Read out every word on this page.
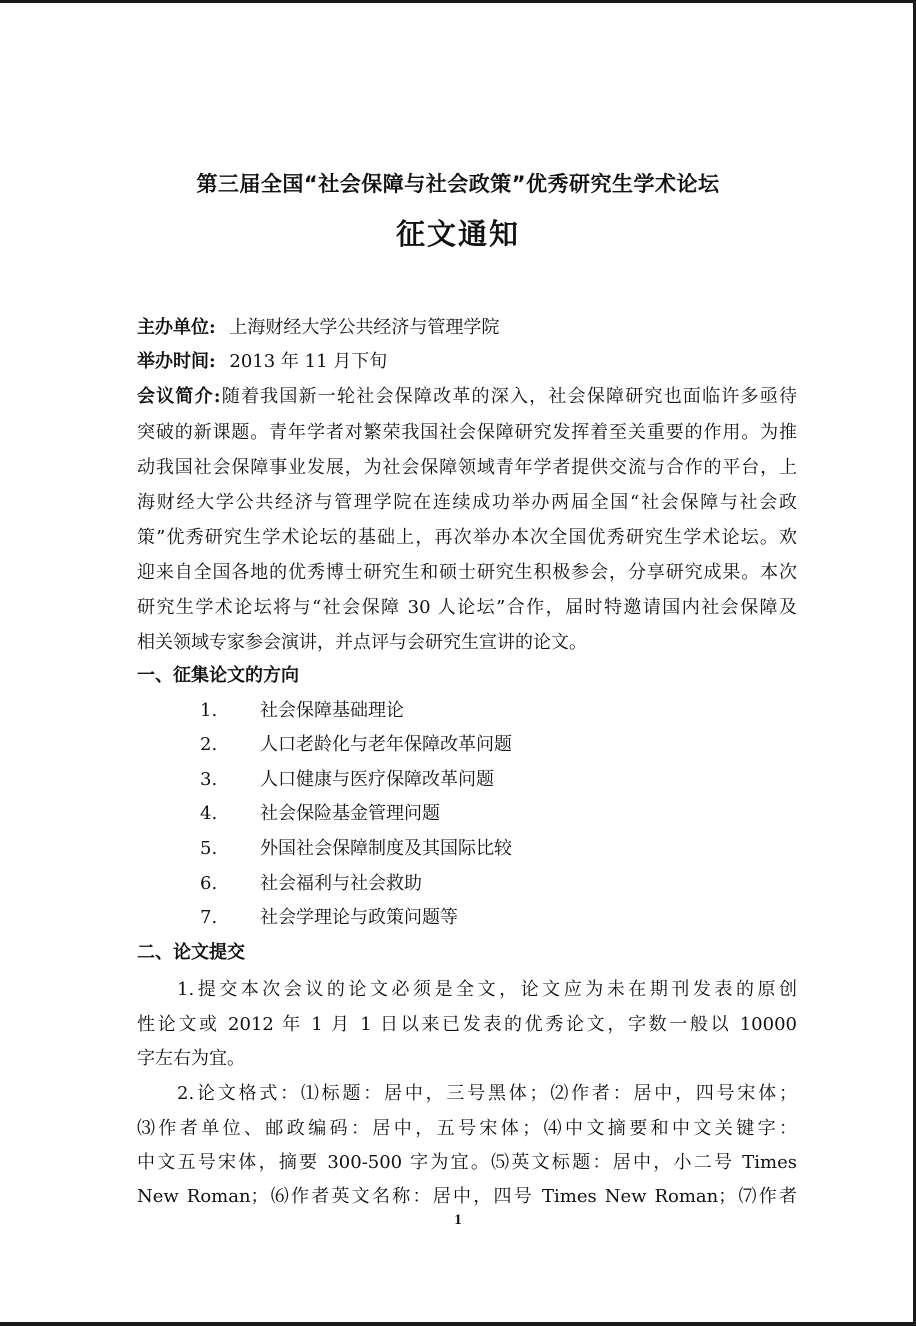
第三届全国“社会保障与社会政策”优秀研究生学术论坛
征文通知
主办单位: 上海财经大学公共经济与管理学院
举办时间: 2013 年 11 月下旬
会议简介:随着我国新一轮社会保障改革的深入，社会保障研究也面临许多亟待
突破的新课题。青年学者对繁荣我国社会保障研究发挥着至关重要的作用。为推
动我国社会保障事业发展，为社会保障领域青年学者提供交流与合作的平台，上
海财经大学公共经济与管理学院在连续成功举办两届全国“社会保障与社会政
策”优秀研究生学术论坛的基础上，再次举办本次全国优秀研究生学术论坛。欢
迎来自全国各地的优秀博士研究生和硕士研究生积极参会，分享研究成果。本次
研究生学术论坛将与“社会保障 30 人论坛”合作，届时特邀请国内社会保障及
相关领域专家参会演讲，并点评与会研究生宣讲的论文。
一、征集论文的方向
1. 社会保障基础理论
2. 人口老龄化与老年保障改革问题
3. 人口健康与医疗保障改革问题
4. 社会保险基金管理问题
5. 外国社会保障制度及其国际比较
6. 社会福利与社会救助
7. 社会学理论与政策问题等
二、论文提交
1.提交本次会议的论文必须是全文，论文应为未在期刊发表的原创
性论文或 2012 年 1 月 1 日以来已发表的优秀论文，字数一般以 10000
字左右为宜。
2.论文格式：⑴标题：居中，三号黑体；⑵作者：居中，四号宋体；
⑶作者单位、邮政编码：居中，五号宋体；⑷中文摘要和中文关键字：
中文五号宋体，摘要 300-500 字为宜。⑸英文标题：居中，小二号 Times
New Roman；⑹作者英文名称：居中，四号 Times New Roman；⑺作者
1
